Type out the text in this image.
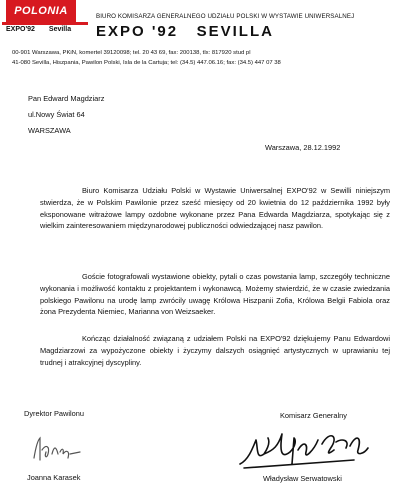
POLONIA
EXPO'92 Sevilla
BIURO KOMISARZA GENERALNEGO UDZIAŁU POLSKI W WYSTAWIE UNIWERSALNEJ
EXPO '92   SEVILLA
00-901 Warszawa, PKiN, komertel 39120098; tel. 20 43 69, fax: 200138, tlx: 817920 stud pl
41-080 Sevilla, Hiszpania, Pawilon Polski, Isla de la Cartuja; tel: (34.5) 447.06.16; fax: (34.5) 447 07 38
Pan Edward Magdziarz
ul.Nowy Świat 64
WARSZAWA
Warszawa, 28.12.1992

Biuro Komisarza Udziału Polski w Wystawie Uniwersalnej EXPO'92 w Sewilli niniejszym stwierdza, że w Polskim Pawilonie przez sześć miesięcy od 20 kwietnia do 12 października 1992 były eksponowane witrażowe lampy ozdobne wykonane przez Pana Edwarda Magdziarza, spotykając się z wielkim zainteresowaniem międzynarodowej publiczności odwiedzającej nasz pawilon.

Goście fotografowali wystawione obiekty, pytali o czas powstania lamp, szczegóły techniczne wykonania i możliwość kontaktu z projektantem i wykonawcą. Możemy stwierdzić, że w czasie zwiedzania polskiego Pawilonu na urodę lamp zwrócily uwagę Królowa Hiszpanii Zofia, Królowa Belgii Fabiola oraz żona Prezydenta Niemiec, Marianna von Weizsaeker.

Kończąc działalność związaną z udziałem Polski na EXPO'92 dziękujemy Panu Edwardowi Magdziarzowi za wypożyczone obiekty i życzymy dalszych osiągnięć artystycznych w uprawianiu tej trudnej i atrakcyjnej dyscypliny.

Dyrektor Pawilonu	Komisarz Generalny
Joanna Karasek	Władysław Serwatowski
